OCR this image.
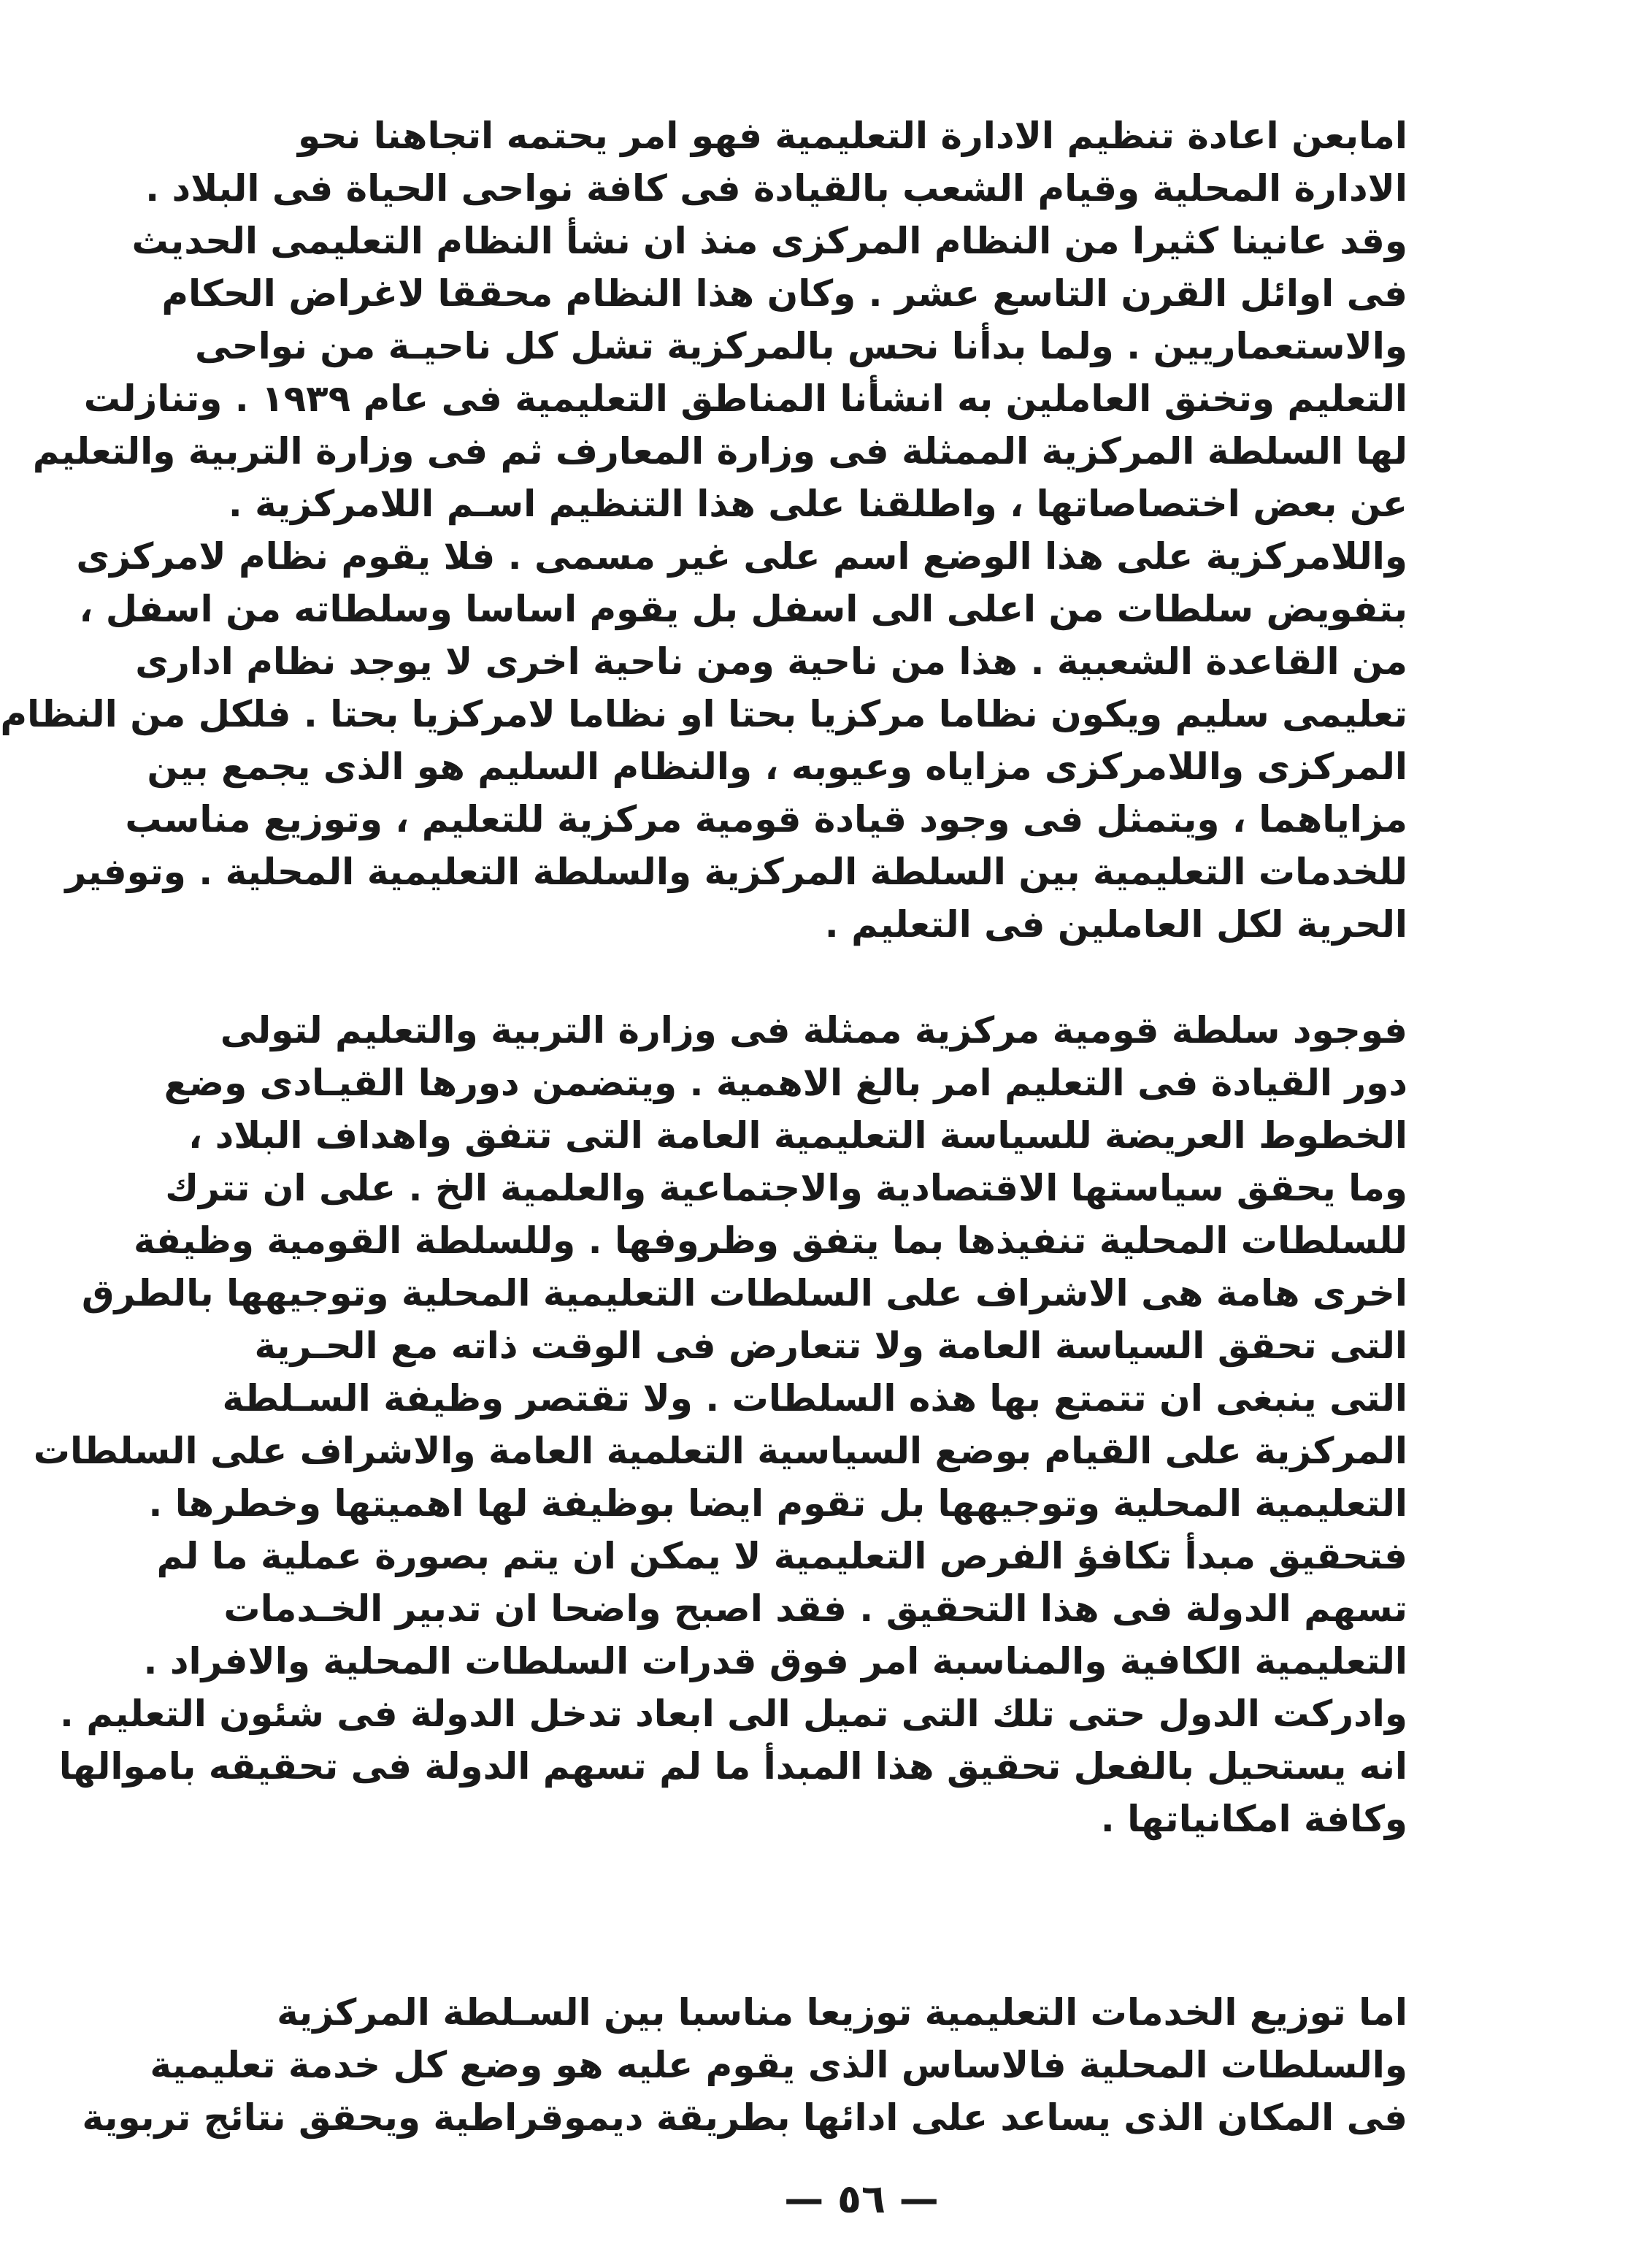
امابعن اعادة تنظيم الادارة التعليمية فهو امر يحتمه اتجاهنا نحو
الادارة المحلية وقيام الشعب بالقيادة فى كافة نواحى الحياة فى البلاد .
وقد عانينا كثيرا من النظام المركزى منذ ان نشأ النظام التعليمى الحديث
فى اوائل القرن التاسع عشر . وكان هذا النظام محققا لاغراض الحكام
والاستعماريين . ولما بدأنا نحس بالمركزية تشل كل ناحيـة من نواحى
التعليم وتخنق العاملين به انشأنا المناطق التعليمية فى عام ١٩٣٩ . وتنازلت
لها السلطة المركزية الممثلة فى وزارة المعارف ثم فى وزارة التربية والتعليم
عن بعض اختصاصاتها ، واطلقنا على هذا التنظيم اسـم اللامركزية .
واللامركزية على هذا الوضع اسم على غير مسمى . فلا يقوم نظام لامركزى
بتفويض سلطات من اعلى الى اسفل بل يقوم اساسا وسلطاته من اسفل ،
من القاعدة الشعبية . هذا من ناحية ومن ناحية اخرى لا يوجد نظام ادارى
تعليمى سليم ويكون نظاما مركزيا بحتا او نظاما لامركزيا بحتا . فلكل من النظام
المركزى واللامركزى مزاياه وعيوبه ، والنظام السليم هو الذى يجمع بين
مزاياهما ، ويتمثل فى وجود قيادة قومية مركزية للتعليم ، وتوزيع مناسب
للخدمات التعليمية بين السلطة المركزية والسلطة التعليمية المحلية . وتوفير
الحرية لكل العاملين فى التعليم .
فوجود سلطة قومية مركزية ممثلة فى وزارة التربية والتعليم لتولى
دور القيادة فى التعليم امر بالغ الاهمية . ويتضمن دورها القيـادى وضع
الخطوط العريضة للسياسة التعليمية العامة التى تتفق واهداف البلاد ،
وما يحقق سياستها الاقتصادية والاجتماعية والعلمية الخ . على ان تترك
للسلطات المحلية تنفيذها بما يتفق وظروفها . وللسلطة القومية وظيفة
اخرى هامة هى الاشراف على السلطات التعليمية المحلية وتوجيهها بالطرق
التى تحقق السياسة العامة ولا تتعارض فى الوقت ذاته مع الحـرية
التى ينبغى ان تتمتع بها هذه السلطات . ولا تقتصر وظيفة السـلطة
المركزية على القيام بوضع السياسية التعلمية العامة والاشراف على السلطات
التعليمية المحلية وتوجيهها بل تقوم ايضا بوظيفة لها اهميتها وخطرها .
فتحقيق مبدأ تكافؤ الفرص التعليمية لا يمكن ان يتم بصورة عملية ما لم
تسهم الدولة فى هذا التحقيق . فقد اصبح واضحا ان تدبير الخـدمات
التعليمية الكافية والمناسبة امر فوق قدرات السلطات المحلية والافراد .
وادركت الدول حتى تلك التى تميل الى ابعاد تدخل الدولة فى شئون التعليم .
انه يستحيل بالفعل تحقيق هذا المبدأ ما لم تسهم الدولة فى تحقيقه باموالها
وكافة امكانياتها .
اما توزيع الخدمات التعليمية توزيعا مناسبا بين السـلطة المركزية
والسلطات المحلية فالاساس الذى يقوم عليه هو وضع كل خدمة تعليمية
فى المكان الذى يساعد على ادائها بطريقة ديموقراطية ويحقق نتائج تربوية
— ٥٦ —
